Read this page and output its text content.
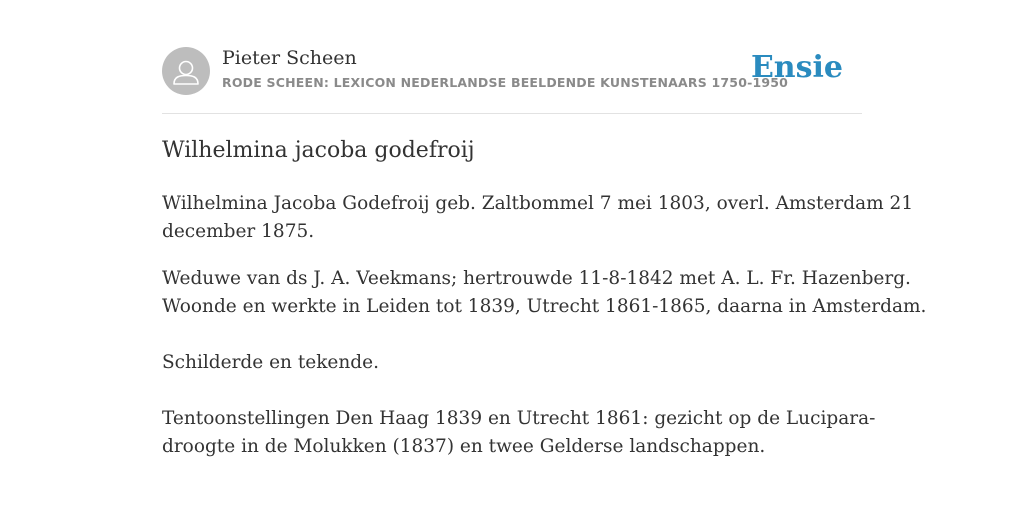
Pieter Scheen
RODE SCHEEN: LEXICON NEDERLANDSE BEELDENDE KUNSTENAARS 1750-1950
Ensie
Wilhelmina jacoba godefroij

Wilhelmina Jacoba Godefroij geb. Zaltbommel 7 mei 1803, overl. Amsterdam 21
december 1875.

Weduwe van ds J. A. Veekmans; hertrouwde 11-8-1842 met A. L. Fr. Hazenberg.
Woonde en werkte in Leiden tot 1839, Utrecht 1861-1865, daarna in Amsterdam.

Schilderde en tekende.

Tentoonstellingen Den Haag 1839 en Utrecht 1861: gezicht op de Lucipara-
droogte in de Molukken (1837) en twee Gelderse landschappen.
